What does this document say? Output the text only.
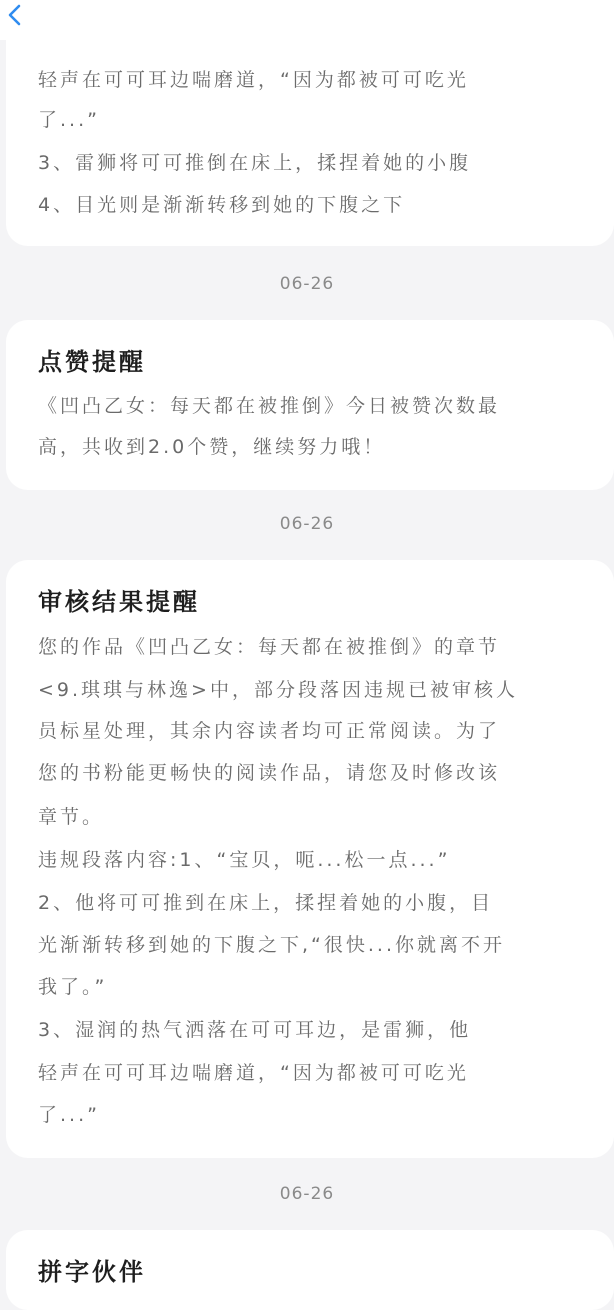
轻声在可可耳边喘磨道，“因为都被可可吃光
了...”
3、雷狮将可可推倒在床上，揉捏着她的小腹
4、目光则是渐渐转移到她的下腹之下
06-26
点赞提醒
《凹凸乙女：每天都在被推倒》今日被赞次数最
高，共收到2.0个赞，继续努力哦！
06-26
审核结果提醒
您的作品《凹凸乙女：每天都在被推倒》的章节
<9.琪琪与林逸>中，部分段落因违规已被审核人
员标星处理，其余内容读者均可正常阅读。为了
您的书粉能更畅快的阅读作品，请您及时修改该
章节。
违规段落内容:1、“宝贝，呃...松一点...”
2、他将可可推到在床上，揉捏着她的小腹，目
光渐渐转移到她的下腹之下,“很快...你就离不开
我了。”
3、湿润的热气洒落在可可耳边，是雷狮，他
轻声在可可耳边喘磨道，“因为都被可可吃光
了...”
06-26
拼字伙伴
